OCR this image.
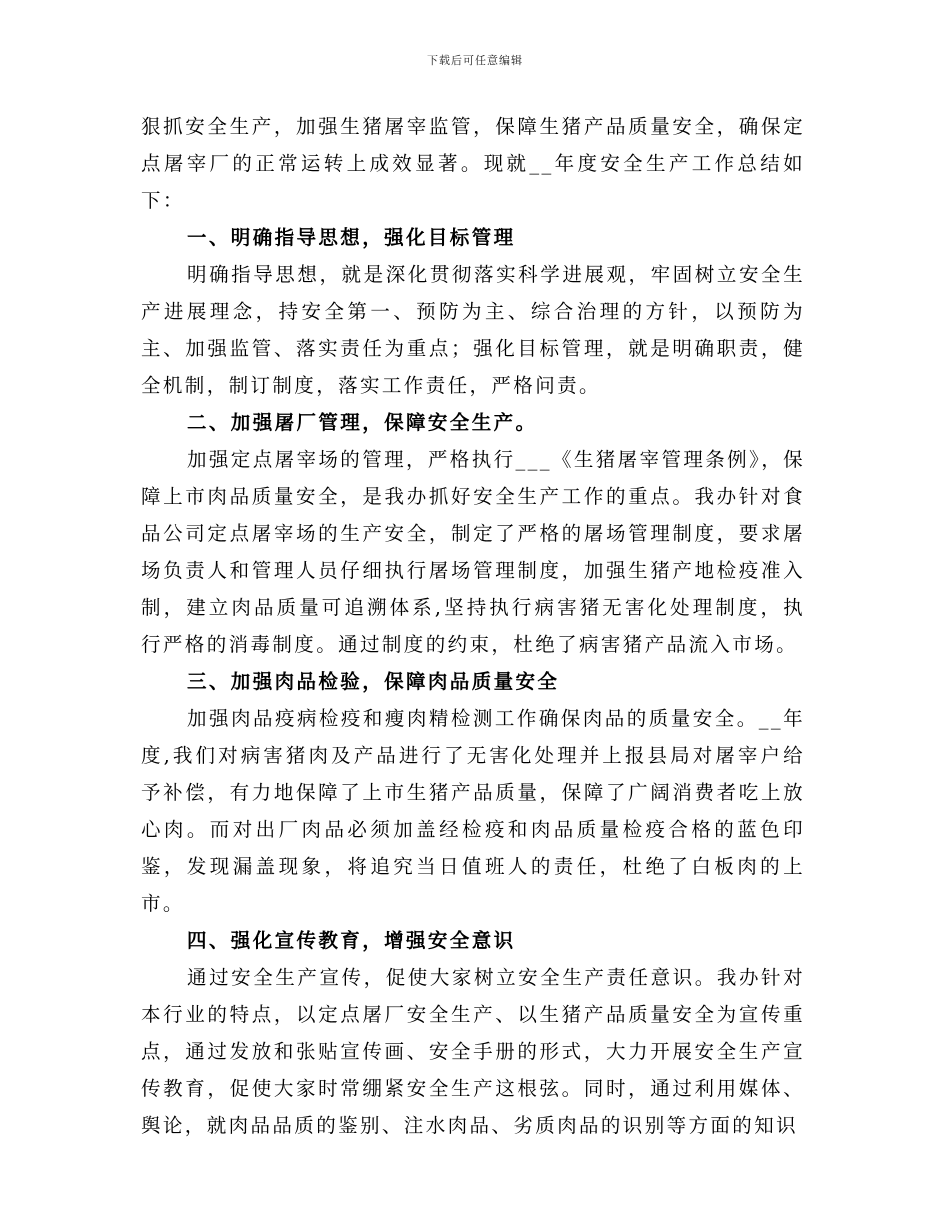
下载后可任意编辑

狠抓安全生产，加强生猪屠宰监管，保障生猪产品质量安全，确保定点屠宰厂的正常运转上成效显著。现就__年度安全生产工作总结如下：

一、明确指导思想，强化目标管理

明确指导思想，就是深化贯彻落实科学进展观，牢固树立安全生产进展理念，持安全第一、预防为主、综合治理的方针，以预防为主、加强监管、落实责任为重点；强化目标管理，就是明确职责，健全机制，制订制度，落实工作责任，严格问责。

二、加强屠厂管理，保障安全生产。

加强定点屠宰场的管理，严格执行___《生猪屠宰管理条例》，保障上市肉品质量安全，是我办抓好安全生产工作的重点。我办针对食品公司定点屠宰场的生产安全，制定了严格的屠场管理制度，要求屠场负责人和管理人员仔细执行屠场管理制度，加强生猪产地检疫准入制，建立肉品质量可追溯体系,坚持执行病害猪无害化处理制度，执行严格的消毒制度。通过制度的约束，杜绝了病害猪产品流入市场。

三、加强肉品检验，保障肉品质量安全

加强肉品疫病检疫和瘦肉精检测工作确保肉品的质量安全。__年度,我们对病害猪肉及产品进行了无害化处理并上报县局对屠宰户给予补偿，有力地保障了上市生猪产品质量，保障了广阔消费者吃上放心肉。而对出厂肉品必须加盖经检疫和肉品质量检疫合格的蓝色印鉴，发现漏盖现象，将追究当日值班人的责任，杜绝了白板肉的上市。

四、强化宣传教育，增强安全意识

通过安全生产宣传，促使大家树立安全生产责任意识。我办针对本行业的特点，以定点屠厂安全生产、以生猪产品质量安全为宣传重点，通过发放和张贴宣传画、安全手册的形式，大力开展安全生产宣传教育，促使大家时常绷紧安全生产这根弦。同时，通过利用媒体、舆论，就肉品品质的鉴别、注水肉品、劣质肉品的识别等方面的知识
